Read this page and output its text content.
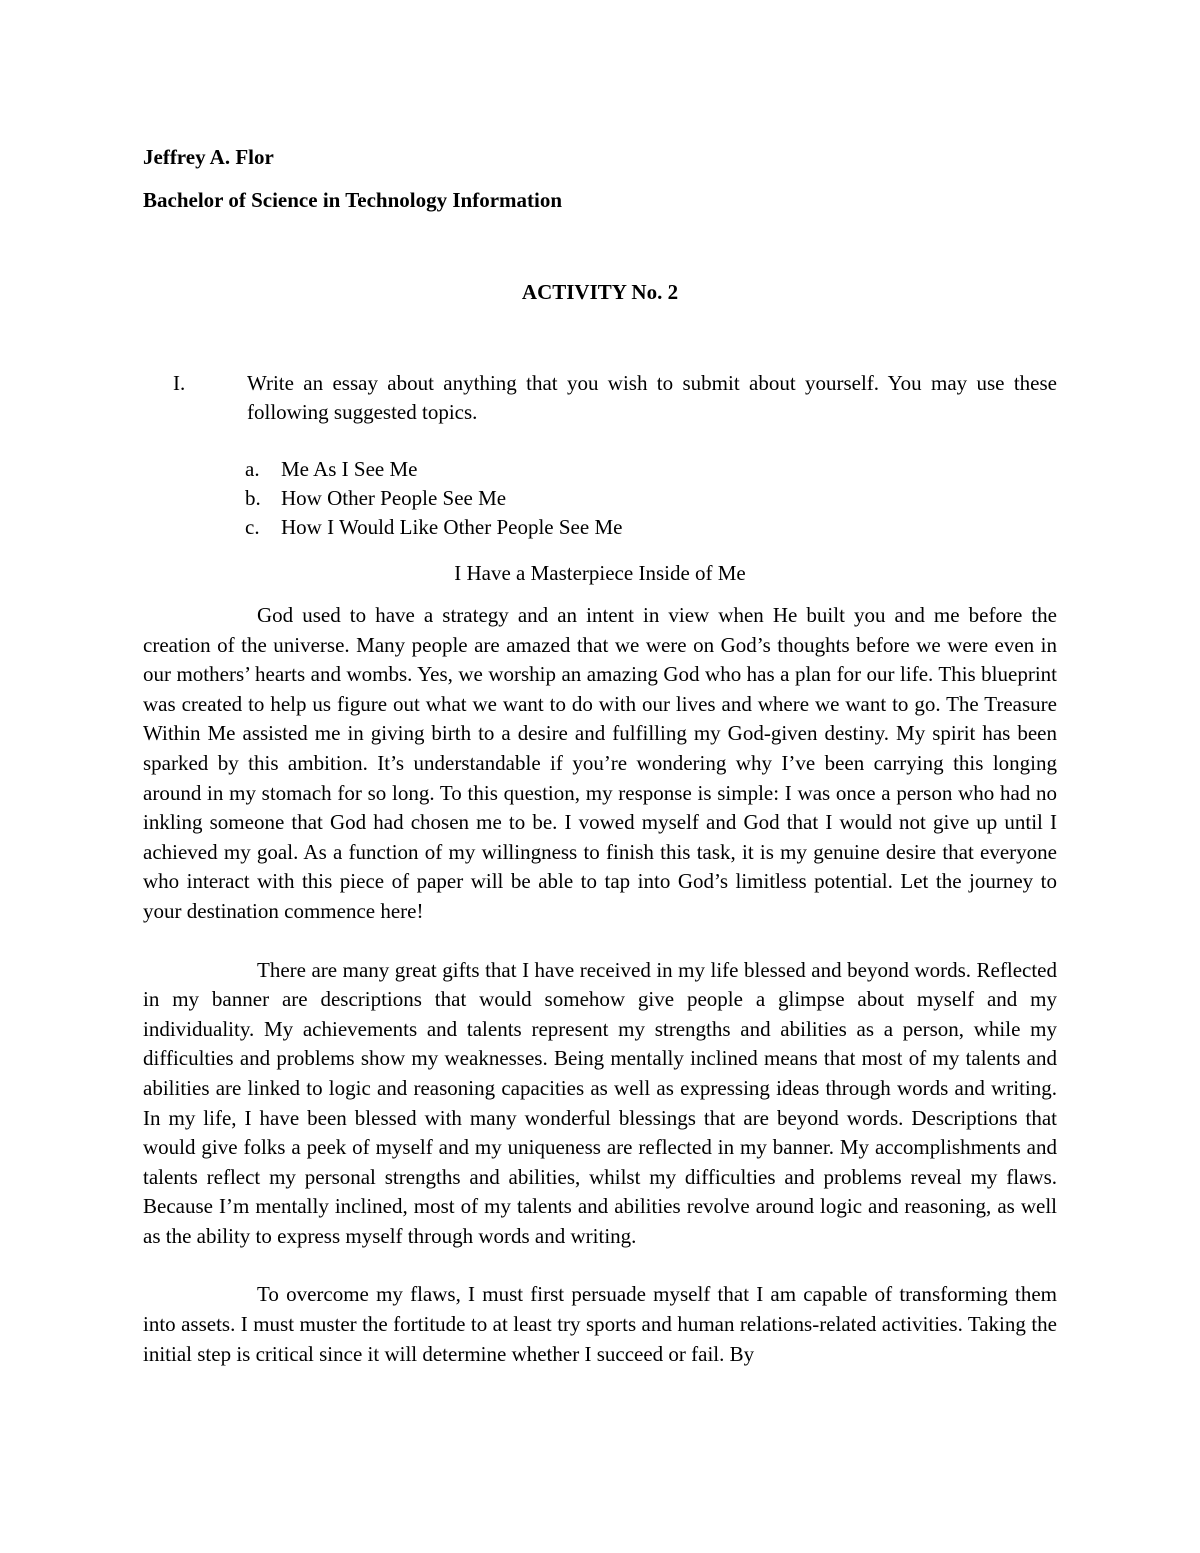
Jeffrey A. Flor

Bachelor of Science in Technology Information

ACTIVITY No. 2

I.	Write an essay about anything that you wish to submit about yourself. You may use these following suggested topics.
a. Me As I See Me
b. How Other People See Me
c. How I Would Like Other People See Me

I Have a Masterpiece Inside of Me

God used to have a strategy and an intent in view when He built you and me before the creation of the universe. Many people are amazed that we were on God’s thoughts before we were even in our mothers’ hearts and wombs. Yes, we worship an amazing God who has a plan for our life. This blueprint was created to help us figure out what we want to do with our lives and where we want to go. The Treasure Within Me assisted me in giving birth to a desire and fulfilling my God-given destiny. My spirit has been sparked by this ambition. It’s understandable if you’re wondering why I’ve been carrying this longing around in my stomach for so long. To this question, my response is simple: I was once a person who had no inkling someone that God had chosen me to be. I vowed myself and God that I would not give up until I achieved my goal. As a function of my willingness to finish this task, it is my genuine desire that everyone who interact with this piece of paper will be able to tap into God’s limitless potential. Let the journey to your destination commence here!

There are many great gifts that I have received in my life blessed and beyond words. Reflected in my banner are descriptions that would somehow give people a glimpse about myself and my individuality. My achievements and talents represent my strengths and abilities as a person, while my difficulties and problems show my weaknesses. Being mentally inclined means that most of my talents and abilities are linked to logic and reasoning capacities as well as expressing ideas through words and writing. In my life, I have been blessed with many wonderful blessings that are beyond words. Descriptions that would give folks a peek of myself and my uniqueness are reflected in my banner. My accomplishments and talents reflect my personal strengths and abilities, whilst my difficulties and problems reveal my flaws. Because I’m mentally inclined, most of my talents and abilities revolve around logic and reasoning, as well as the ability to express myself through words and writing.

To overcome my flaws, I must first persuade myself that I am capable of transforming them into assets. I must muster the fortitude to at least try sports and human relations-related activities. Taking the initial step is critical since it will determine whether I succeed or fail. By
